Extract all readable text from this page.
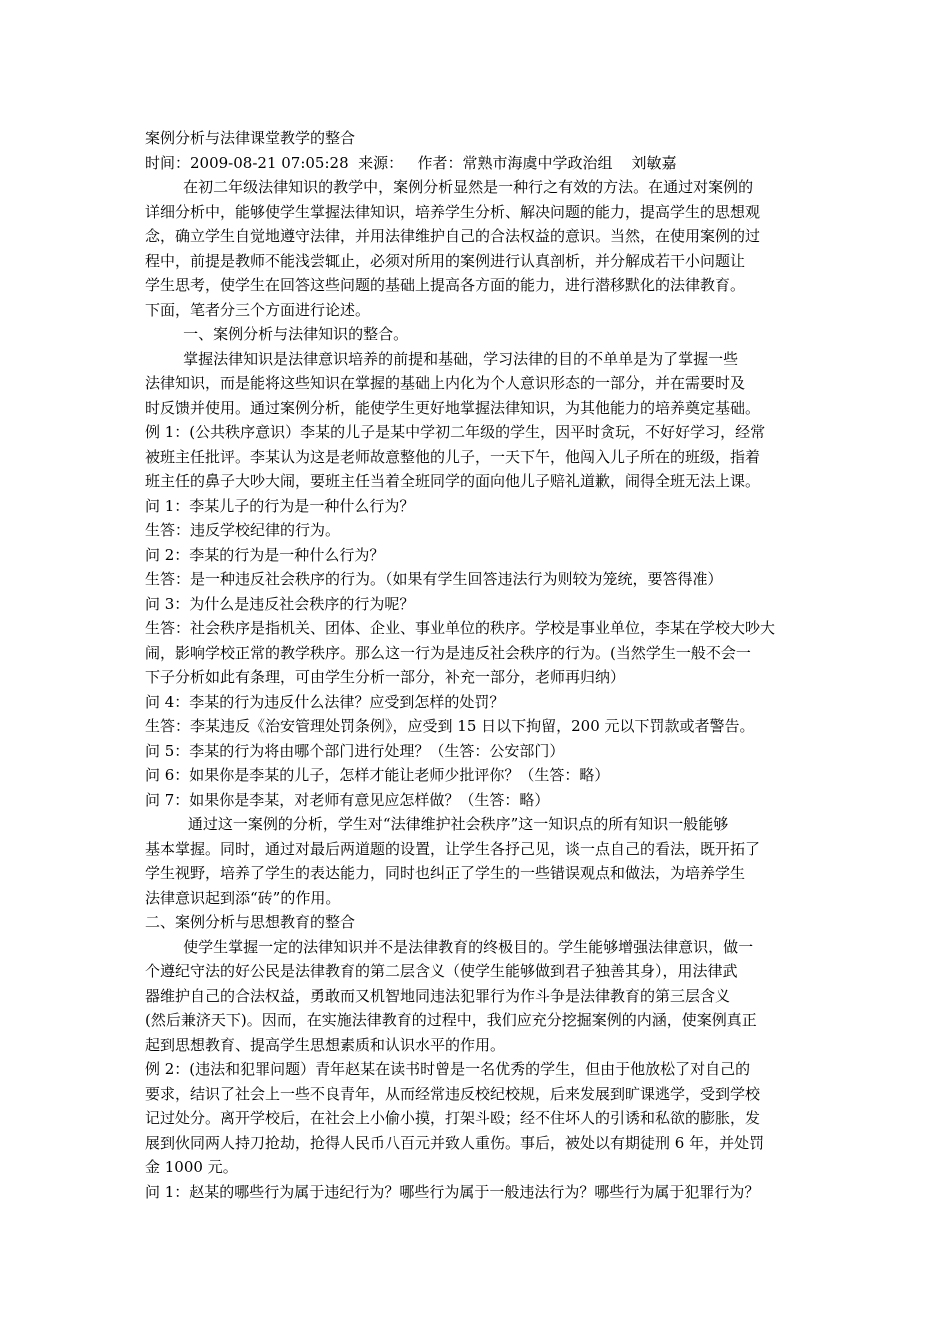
案例分析与法律课堂教学的整合
时间：2009-08-21 07:05:28  来源：   作者：常熟市海虞中学政治组    刘敏嘉
在初二年级法律知识的教学中，案例分析显然是一种行之有效的方法。在通过对案例的
详细分析中，能够使学生掌握法律知识，培养学生分析、解决问题的能力，提高学生的思想观
念，确立学生自觉地遵守法律，并用法律维护自己的合法权益的意识。当然，在使用案例的过
程中，前提是教师不能浅尝辄止，必须对所用的案例进行认真剖析，并分解成若干小问题让
学生思考，使学生在回答这些问题的基础上提高各方面的能力，进行潜移默化的法律教育。
下面，笔者分三个方面进行论述。
一、案例分析与法律知识的整合。
掌握法律知识是法律意识培养的前提和基础，学习法律的目的不单单是为了掌握一些
法律知识，而是能将这些知识在掌握的基础上内化为个人意识形态的一部分，并在需要时及
时反馈并使用。通过案例分析，能使学生更好地掌握法律知识，为其他能力的培养奠定基础。
例 1：(公共秩序意识）李某的儿子是某中学初二年级的学生，因平时贪玩，不好好学习，经常
被班主任批评。李某认为这是老师故意整他的儿子，一天下午，他闯入儿子所在的班级，指着
班主任的鼻子大吵大闹，要班主任当着全班同学的面向他儿子赔礼道歉，闹得全班无法上课。
问 1：李某儿子的行为是一种什么行为？
生答：违反学校纪律的行为。
问 2：李某的行为是一种什么行为？
生答：是一种违反社会秩序的行为。（如果有学生回答违法行为则较为笼统，要答得准）
问 3：为什么是违反社会秩序的行为呢？
生答：社会秩序是指机关、团体、企业、事业单位的秩序。学校是事业单位，李某在学校大吵大
闹，影响学校正常的教学秩序。那么这一行为是违反社会秩序的行为。(当然学生一般不会一
下子分析如此有条理，可由学生分析一部分，补充一部分，老师再归纳）
问 4：李某的行为违反什么法律？应受到怎样的处罚？
生答：李某违反《治安管理处罚条例》，应受到 15 日以下拘留，200 元以下罚款或者警告。
问 5：李某的行为将由哪个部门进行处理？（生答：公安部门）
问 6：如果你是李某的儿子，怎样才能让老师少批评你？（生答：略）
问 7：如果你是李某，对老师有意见应怎样做？（生答：略）
通过这一案例的分析，学生对“法律维护社会秩序”这一知识点的所有知识一般能够
基本掌握。同时，通过对最后两道题的设置，让学生各抒己见，谈一点自己的看法，既开拓了
学生视野，培养了学生的表达能力，同时也纠正了学生的一些错误观点和做法，为培养学生
法律意识起到添“砖”的作用。
二、案例分析与思想教育的整合
使学生掌握一定的法律知识并不是法律教育的终极目的。学生能够增强法律意识，做一
个遵纪守法的好公民是法律教育的第二层含义（使学生能够做到君子独善其身），用法律武
器维护自己的合法权益，勇敢而又机智地同违法犯罪行为作斗争是法律教育的第三层含义
(然后兼济天下)。因而，在实施法律教育的过程中，我们应充分挖掘案例的内涵，使案例真正
起到思想教育、提高学生思想素质和认识水平的作用。
例 2：(违法和犯罪问题）青年赵某在读书时曾是一名优秀的学生，但由于他放松了对自己的
要求，结识了社会上一些不良青年，从而经常违反校纪校规，后来发展到旷课逃学，受到学校
记过处分。离开学校后，在社会上小偷小摸，打架斗殴；经不住坏人的引诱和私欲的膨胀，发
展到伙同两人持刀抢劫，抢得人民币八百元并致人重伤。事后，被处以有期徒刑 6 年，并处罚
金 1000 元。
问 1：赵某的哪些行为属于违纪行为？哪些行为属于一般违法行为？哪些行为属于犯罪行为？
